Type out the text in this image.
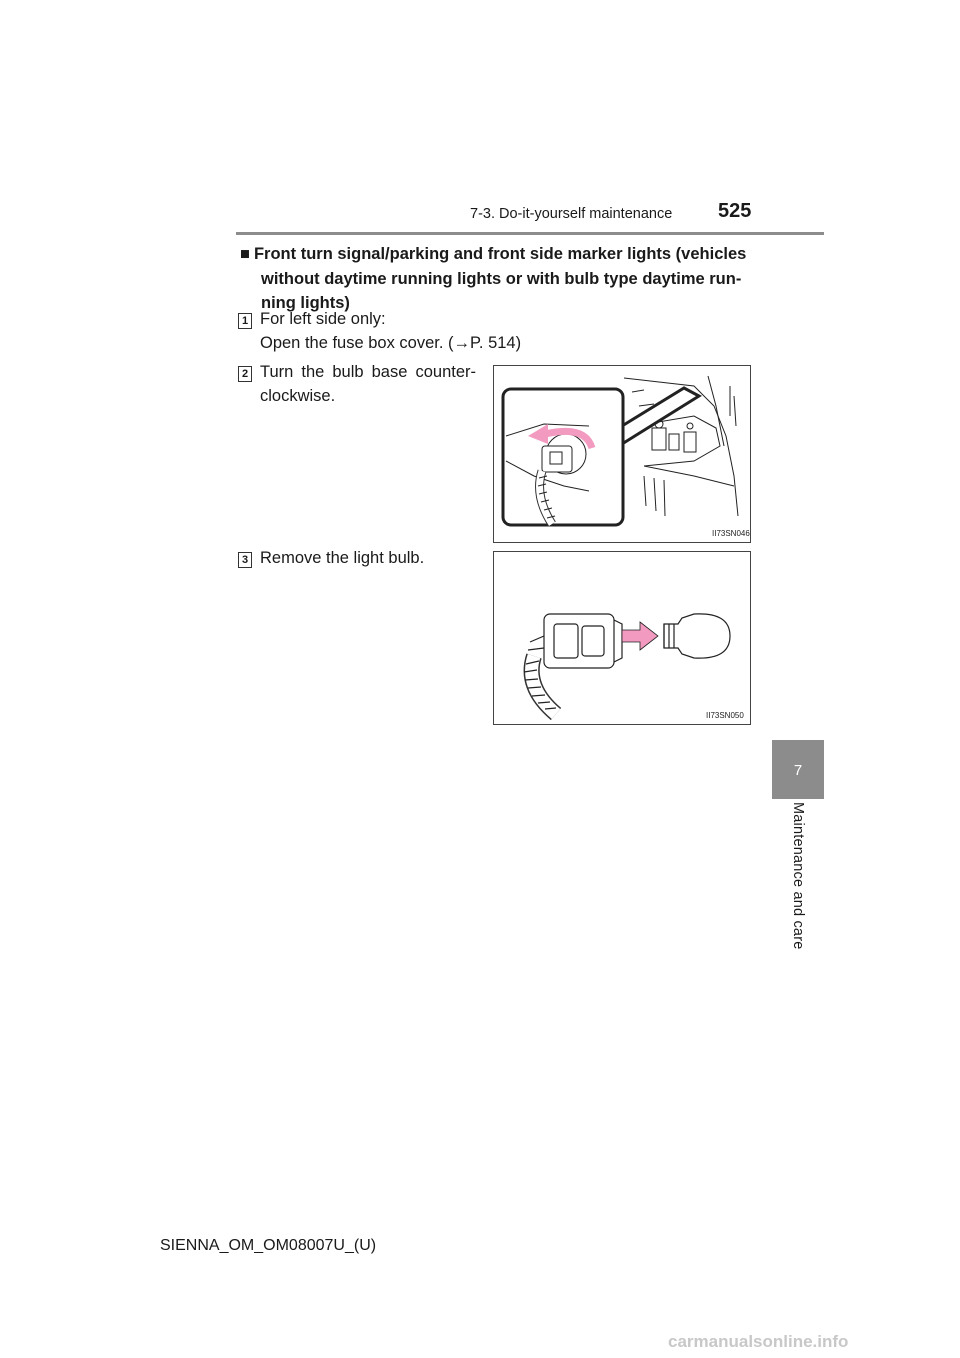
7-3. Do-it-yourself maintenance 525
7
Maintenance and care
■ Front turn signal/parking and front side marker lights (vehicles
without daytime running lights or with bulb type daytime run-
ning lights)
1 For left side only:
Open the fuse box cover. (→P. 514)
2 Turn the bulb base counter-
clockwise.
II73SN046
3 Remove the light bulb.
II73SN050
SIENNA_OM_OM08007U_(U)
carmanualsonline.info
